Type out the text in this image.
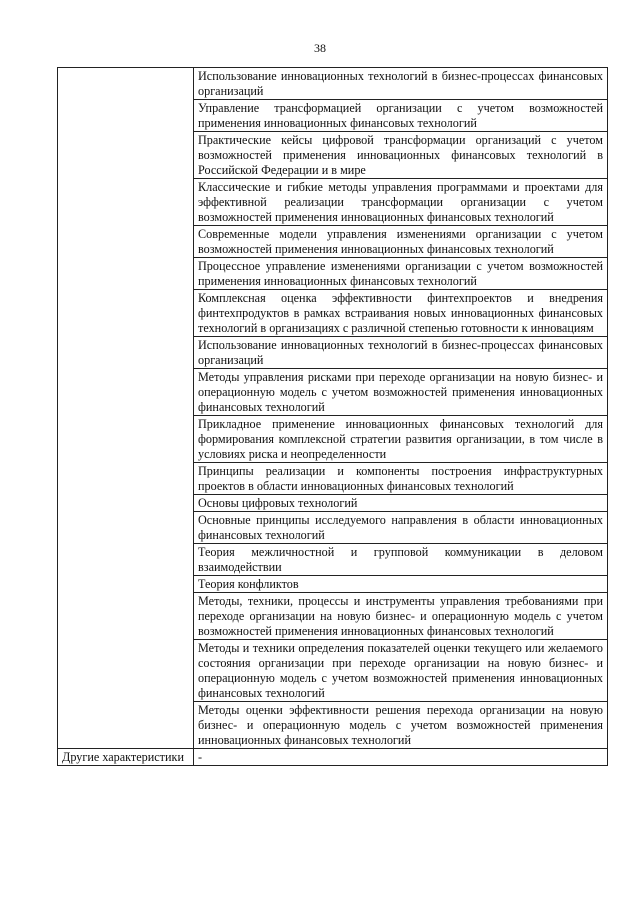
38
	Использование инновационных технологий в бизнес-процессах финансовых организаций
	Управление трансформацией организации с учетом возможностей применения инновационных финансовых технологий
	Практические кейсы цифровой трансформации организаций с учетом возможностей применения инновационных финансовых технологий в Российской Федерации и в мире
	Классические и гибкие методы управления программами и проектами для эффективной реализации трансформации организации с учетом возможностей применения инновационных финансовых технологий
	Современные модели управления изменениями организации с учетом возможностей применения инновационных финансовых технологий
	Процессное управление изменениями организации с учетом возможностей применения инновационных финансовых технологий
	Комплексная оценка эффективности финтехпроектов и внедрения финтехпродуктов в рамках встраивания новых инновационных финансовых технологий в организациях с различной степенью готовности к инновациям
	Использование инновационных технологий в бизнес-процессах финансовых организаций
	Методы управления рисками при переходе организации на новую бизнес- и операционную модель с учетом возможностей применения инновационных финансовых технологий
	Прикладное применение инновационных финансовых технологий для формирования комплексной стратегии развития организации, в том числе в условиях риска и неопределенности
	Принципы реализации и компоненты построения инфраструктурных проектов в области инновационных финансовых технологий
	Основы цифровых технологий
	Основные принципы исследуемого направления в области инновационных финансовых технологий
	Теория межличностной и групповой коммуникации в деловом взаимодействии
	Теория конфликтов
	Методы, техники, процессы и инструменты управления требованиями при переходе организации на новую бизнес- и операционную модель с учетом возможностей применения инновационных финансовых технологий
	Методы и техники определения показателей оценки текущего или желаемого состояния организации при переходе организации на новую бизнес- и операционную модель с учетом возможностей применения инновационных финансовых технологий
	Методы оценки эффективности решения перехода организации на новую бизнес- и операционную модель с учетом возможностей применения инновационных финансовых технологий
Другие характеристики	-
